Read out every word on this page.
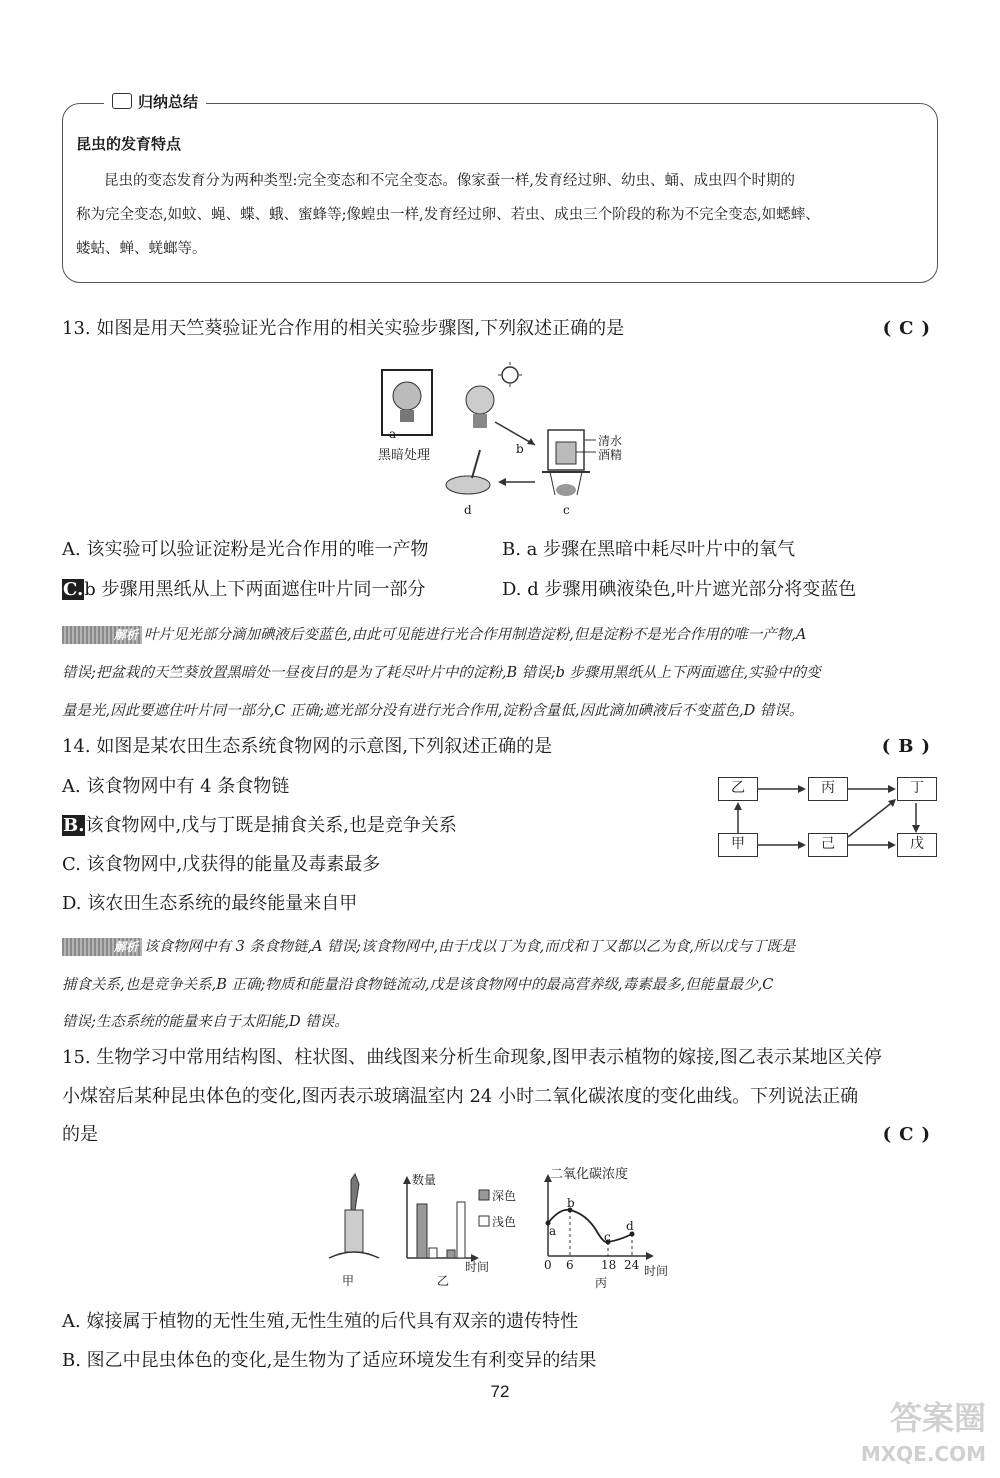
归纳总结
昆虫的发育特点
昆虫的变态发育分为两种类型:完全变态和不完全变态。像家蚕一样,发育经过卵、幼虫、蛹、成虫四个时期的
称为完全变态,如蚊、蝇、蝶、蛾、蜜蜂等;像蝗虫一样,发育经过卵、若虫、成虫三个阶段的称为不完全变态,如蟋蟀、
蝼蛄、蝉、蜣螂等。
13. 如图是用天竺葵验证光合作用的相关实验步骤图,下列叙述正确的是	(C)
a
黑暗处理	b
清水
酒精
c
d
A. 该实验可以验证淀粉是光合作用的唯一产物	B. a 步骤在黑暗中耗尽叶片中的氧气
C.b 步骤用黑纸从上下两面遮住叶片同一部分	D. d 步骤用碘液染色,叶片遮光部分将变蓝色
解析 叶片见光部分滴加碘液后变蓝色,由此可见能进行光合作用制造淀粉,但是淀粉不是光合作用的唯一产物,A
错误;把盆栽的天竺葵放置黑暗处一昼夜目的是为了耗尽叶片中的淀粉,B 错误;b 步骤用黑纸从上下两面遮住,实验中的变
量是光,因此要遮住叶片同一部分,C 正确;遮光部分没有进行光合作用,淀粉含量低,因此滴加碘液后不变蓝色,D 错误。
14. 如图是某农田生态系统食物网的示意图,下列叙述正确的是	(B)
A. 该食物网中有 4 条食物链
B.该食物网中,戊与丁既是捕食关系,也是竞争关系
C. 该食物网中,戊获得的能量及毒素最多
D. 该农田生态系统的最终能量来自甲
乙	丙	丁
甲	己	戊
解析 该食物网中有 3 条食物链,A 错误;该食物网中,由于戊以丁为食,而戊和丁又都以乙为食,所以戊与丁既是
捕食关系,也是竞争关系,B 正确;物质和能量沿食物链流动,戊是该食物网中的最高营养级,毒素最多,但能量最少,C
错误;生态系统的能量来自于太阳能,D 错误。
15. 生物学习中常用结构图、柱状图、曲线图来分析生命现象,图甲表示植物的嫁接,图乙表示某地区关停
小煤窑后某种昆虫体色的变化,图丙表示玻璃温室内 24 小时二氧化碳浓度的变化曲线。下列说法正确
的是	(C)
甲
数量
深色
浅色
时间
乙
二氧化碳浓度
a
b
c
d
0 6 18 24 时间
丙
A. 嫁接属于植物的无性生殖,无性生殖的后代具有双亲的遗传特性
B. 图乙中昆虫体色的变化,是生物为了适应环境发生有利变异的结果
72
答案圈
MXQE.COM
